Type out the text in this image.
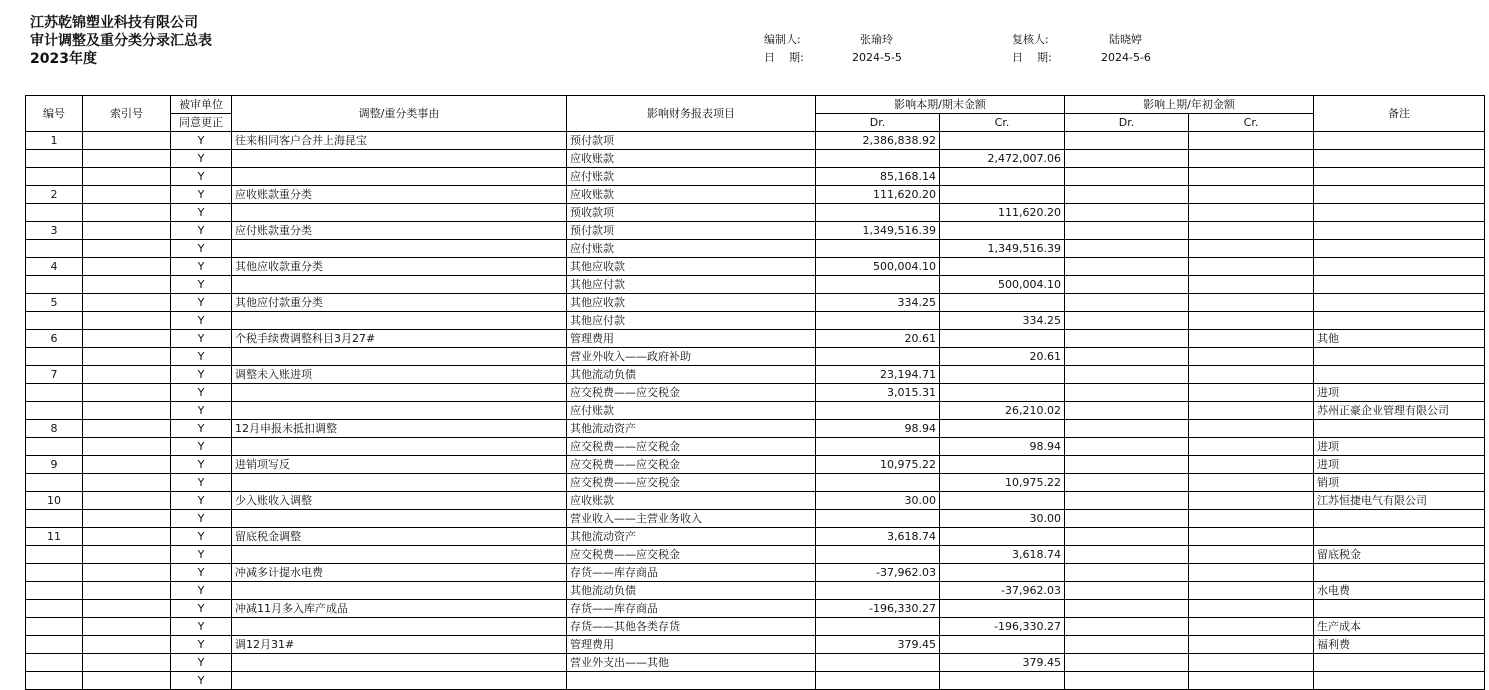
江苏乾锦塑业科技有限公司
审计调整及重分类分录汇总表
2023年度
编制人:	张瑜玲	复核人:	陆晓婷
日    期:	2024-5-5	日    期:	2024-5-6
编号	索引号	被审单位	调整/重分类事由	影响财务报表项目	影响本期/期末金额		影响上期/年初金额		备注
		同意更正			Dr.	Cr.	Dr.	Cr.	
1		Y	往来相同客户合并上海昆宝	预付款项	2,386,838.92				
		Y		应收账款		2,472,007.06			
		Y		应付账款	85,168.14				
2		Y	应收账款重分类	应收账款	111,620.20				
		Y		预收款项		111,620.20			
3		Y	应付账款重分类	预付款项	1,349,516.39				
		Y		应付账款		1,349,516.39			
4		Y	其他应收款重分类	其他应收款	500,004.10				
		Y		其他应付款		500,004.10			
5		Y	其他应付款重分类	其他应收款	334.25				
		Y		其他应付款		334.25			
6		Y	个税手续费调整科目3月27#	管理费用	20.61				其他
		Y		营业外收入——政府补助		20.61			
7		Y	调整未入账进项	其他流动负债	23,194.71				
		Y		应交税费——应交税金	3,015.31				进项
		Y		应付账款		26,210.02			苏州正豪企业管理有限公司
8		Y	12月申报未抵扣调整	其他流动资产	98.94				
		Y		应交税费——应交税金		98.94			进项
9		Y	进销项写反	应交税费——应交税金	10,975.22				进项
		Y		应交税费——应交税金		10,975.22			销项
10		Y	少入账收入调整	应收账款	30.00				江苏恒捷电气有限公司
		Y		营业收入——主营业务收入		30.00			
11		Y	留底税金调整	其他流动资产	3,618.74				
		Y		应交税费——应交税金		3,618.74			留底税金
		Y	冲减多计提水电费	存货——库存商品	-37,962.03				
		Y		其他流动负债		-37,962.03			水电费
		Y	冲减11月多入库产成品	存货——库存商品	-196,330.27				
		Y		存货——其他各类存货		-196,330.27			生产成本
		Y	调12月31#	管理费用	379.45				福利费
		Y		营业外支出——其他		379.45			
		Y							
